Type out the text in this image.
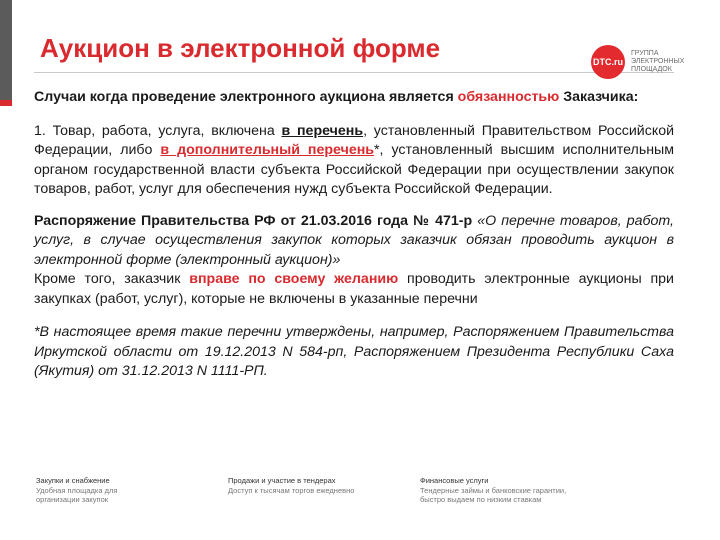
Аукцион в электронной форме	DTC.ru
ГРУППА ЭЛЕКТРОННЫХ ПЛОЩАДОК

Случаи когда проведение электронного аукциона является обязанностью Заказчика:

1. Товар, работа, услуга, включена в перечень, установленный Правительством Российской Федерации, либо в дополнительный перечень*, установленный высшим исполнительным органом государственной власти субъекта Российской Федерации при осуществлении закупок товаров, работ, услуг для обеспечения нужд субъекта Российской Федерации.

Распоряжение Правительства РФ от 21.03.2016 года № 471-р «О перечне товаров, работ, услуг, в случае осуществления закупок которых заказчик обязан проводить аукцион в электронной форме (электронный аукцион)»

Кроме того, заказчик вправе по своему желанию проводить электронные аукционы при закупках (работ, услуг), которые не включены в указанные перечни

*В настоящее время такие перечни утверждены, например, Распоряжением Правительства Иркутской области от 19.12.2013 N 584-рп, Распоряжением Президента Республики Саха (Якутия) от 31.12.2013 N 1111-РП.

Закупки и снабжение
Удобная площадка для
организации закупок
Продажи и участие в тендерах
Доступ к тысячам торгов ежедневно
Финансовые услуги
Тендерные займы и банковские гарантии,
быстро выдаем по низким ставкам
